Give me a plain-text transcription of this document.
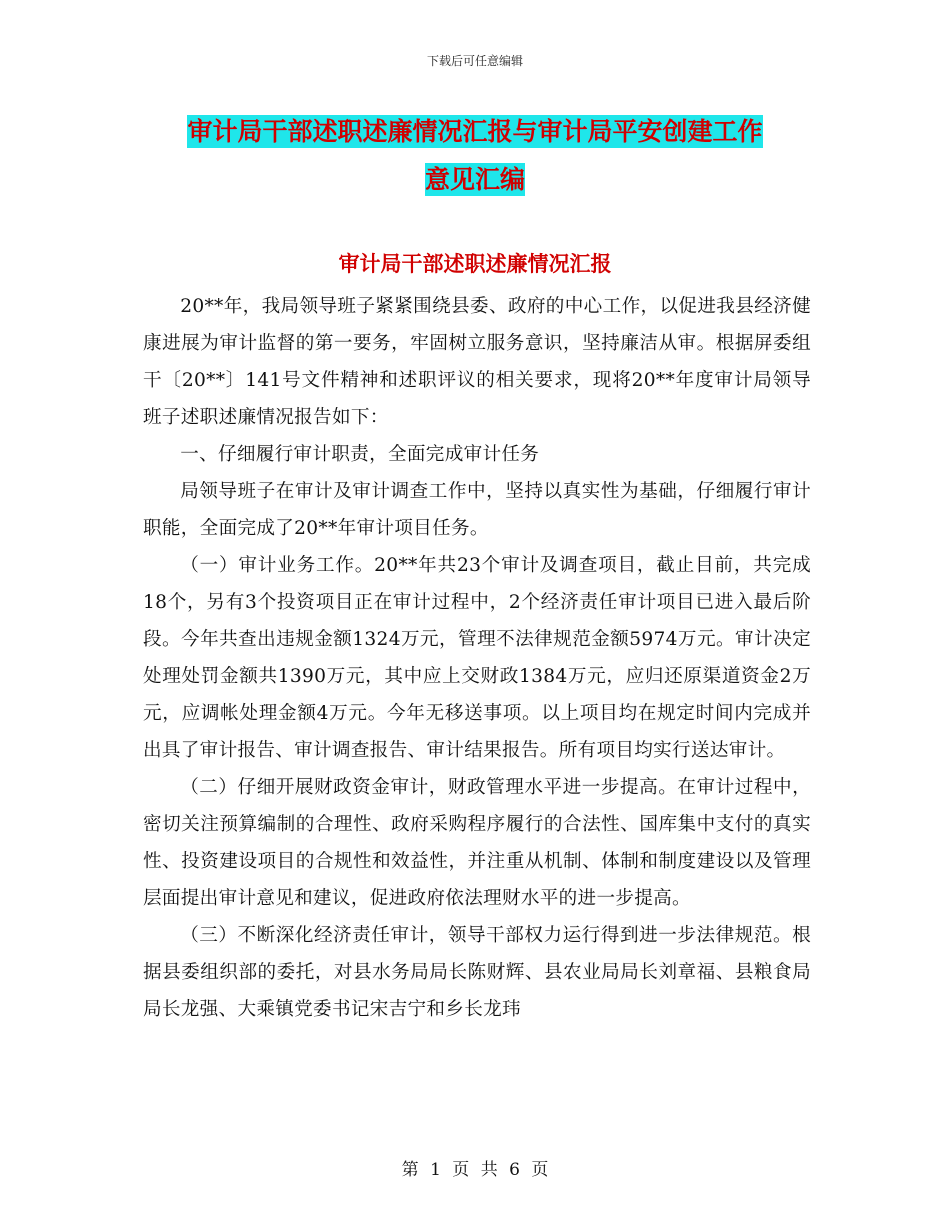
下载后可任意编辑
审计局干部述职述廉情况汇报与审计局平安创建工作
意见汇编
审计局干部述职述廉情况汇报

20**年，我局领导班子紧紧围绕县委、政府的中心工作，以促进我县经济健康进展为审计监督的第一要务，牢固树立服务意识，坚持廉洁从审。根据屏委组干〔20**〕141号文件精神和述职评议的相关要求，现将20**年度审计局领导班子述职述廉情况报告如下：

一、仔细履行审计职责，全面完成审计任务

局领导班子在审计及审计调查工作中，坚持以真实性为基础，仔细履行审计职能，全面完成了20**年审计项目任务。

（一）审计业务工作。20**年共23个审计及调查项目，截止目前，共完成18个，另有3个投资项目正在审计过程中，2个经济责任审计项目已进入最后阶段。今年共查出违规金额1324万元，管理不法律规范金额5974万元。审计决定处理处罚金额共1390万元，其中应上交财政1384万元，应归还原渠道资金2万元，应调帐处理金额4万元。今年无移送事项。以上项目均在规定时间内完成并出具了审计报告、审计调查报告、审计结果报告。所有项目均实行送达审计。

（二）仔细开展财政资金审计，财政管理水平进一步提高。在审计过程中，密切关注预算编制的合理性、政府采购程序履行的合法性、国库集中支付的真实性、投资建设项目的合规性和效益性，并注重从机制、体制和制度建设以及管理层面提出审计意见和建议，促进政府依法理财水平的进一步提高。

（三）不断深化经济责任审计，领导干部权力运行得到进一步法律规范。根据县委组织部的委托，对县水务局局长陈财辉、县农业局局长刘章福、县粮食局局长龙强、大乘镇党委书记宋吉宁和乡长龙玮

第 1 页 共 6 页
